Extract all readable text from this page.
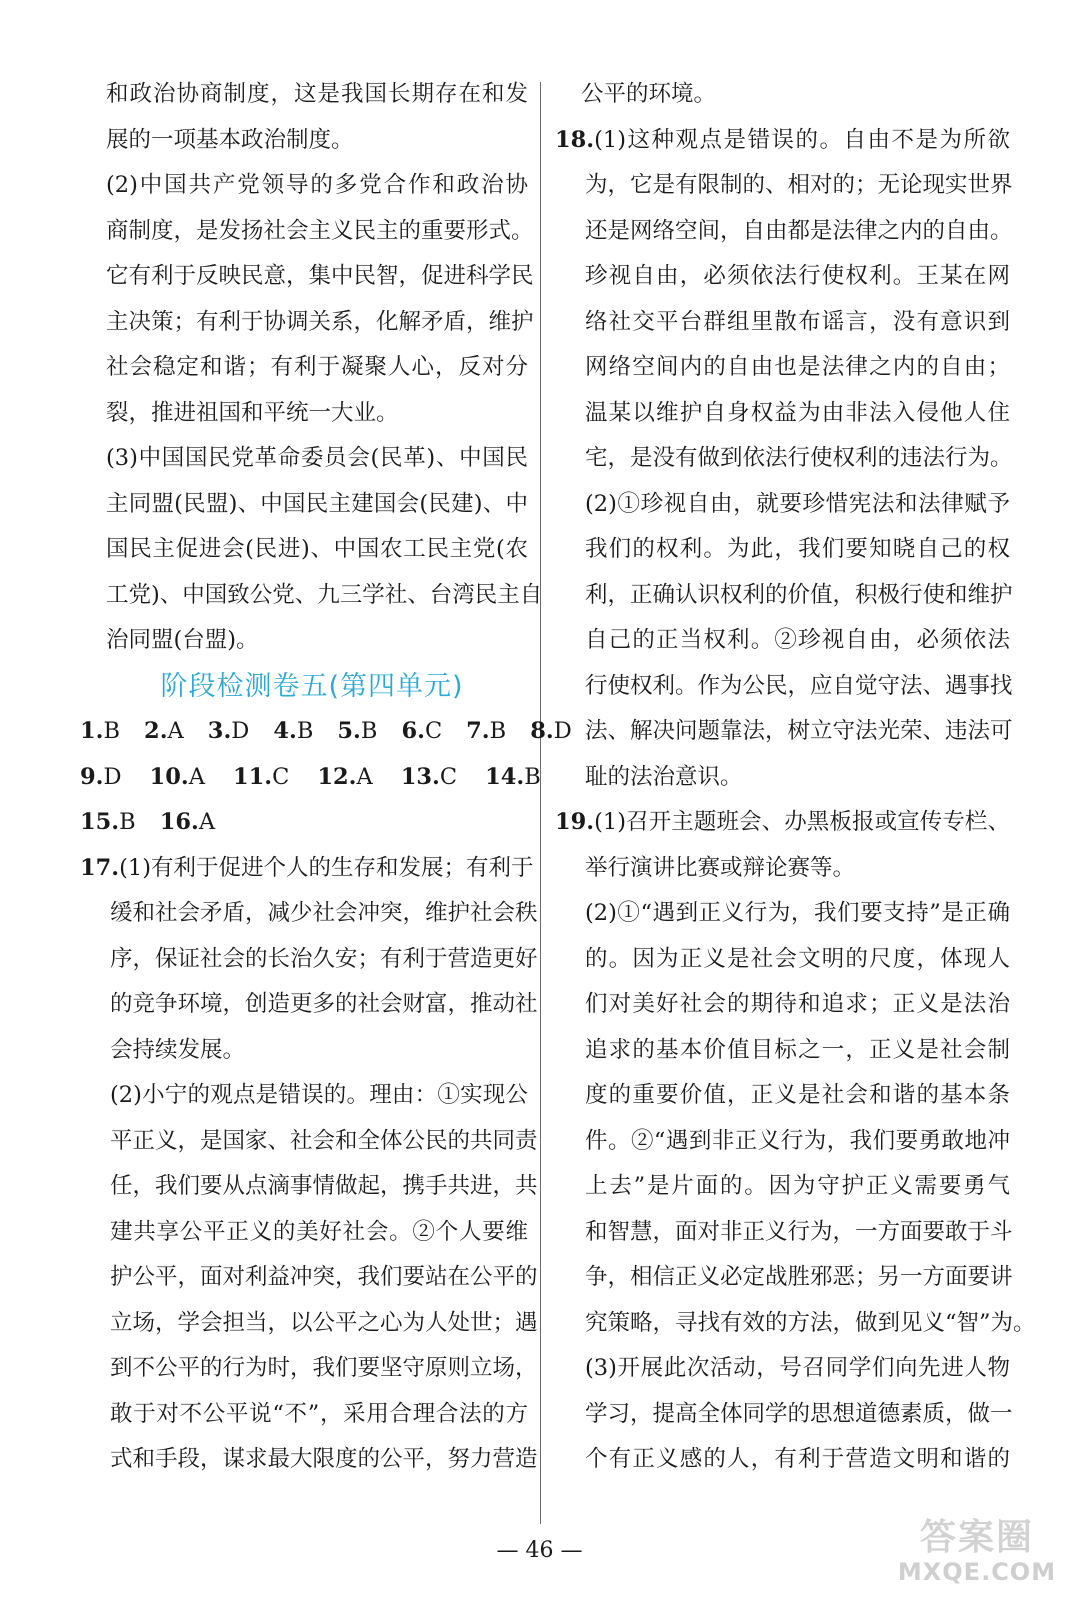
和政治协商制度，这是我国长期存在和发
展的一项基本政治制度。
(2)中国共产党领导的多党合作和政治协
商制度，是发扬社会主义民主的重要形式。
它有利于反映民意，集中民智，促进科学民
主决策；有利于协调关系，化解矛盾，维护
社会稳定和谐；有利于凝聚人心，反对分
裂，推进祖国和平统一大业。
(3)中国国民党革命委员会(民革)、中国民
主同盟(民盟)、中国民主建国会(民建)、中
国民主促进会(民进)、中国农工民主党(农
工党)、中国致公党、九三学社、台湾民主自
治同盟(台盟)。
阶段检测卷五(第四单元)
1.B 2.A 3.D 4.B 5.B 6.C 7.B 8.D
9.D 10.A 11.C 12.A 13.C 14.B
15.B 16.A
17.(1)有利于促进个人的生存和发展；有利于
缓和社会矛盾，减少社会冲突，维护社会秩
序，保证社会的长治久安；有利于营造更好
的竞争环境，创造更多的社会财富，推动社
会持续发展。
(2)小宁的观点是错误的。理由：①实现公
平正义，是国家、社会和全体公民的共同责
任，我们要从点滴事情做起，携手共进，共
建共享公平正义的美好社会。②个人要维
护公平，面对利益冲突，我们要站在公平的
立场，学会担当，以公平之心为人处世；遇
到不公平的行为时，我们要坚守原则立场，
敢于对不公平说“不”，采用合理合法的方
式和手段，谋求最大限度的公平，努力营造
公平的环境。
18.(1)这种观点是错误的。自由不是为所欲
为，它是有限制的、相对的；无论现实世界
还是网络空间，自由都是法律之内的自由。
珍视自由，必须依法行使权利。王某在网
络社交平台群组里散布谣言，没有意识到
网络空间内的自由也是法律之内的自由；
温某以维护自身权益为由非法入侵他人住
宅，是没有做到依法行使权利的违法行为。
(2)①珍视自由，就要珍惜宪法和法律赋予
我们的权利。为此，我们要知晓自己的权
利，正确认识权利的价值，积极行使和维护
自己的正当权利。②珍视自由，必须依法
行使权利。作为公民，应自觉守法、遇事找
法、解决问题靠法，树立守法光荣、违法可
耻的法治意识。
19.(1)召开主题班会、办黑板报或宣传专栏、
举行演讲比赛或辩论赛等。
(2)①“遇到正义行为，我们要支持”是正确
的。因为正义是社会文明的尺度，体现人
们对美好社会的期待和追求；正义是法治
追求的基本价值目标之一，正义是社会制
度的重要价值，正义是社会和谐的基本条
件。②“遇到非正义行为，我们要勇敢地冲
上去”是片面的。因为守护正义需要勇气
和智慧，面对非正义行为，一方面要敢于斗
争，相信正义必定战胜邪恶；另一方面要讲
究策略，寻找有效的方法，做到见义“智”为。
(3)开展此次活动，号召同学们向先进人物
学习，提高全体同学的思想道德素质，做一
个有正义感的人，有利于营造文明和谐的
— 46 —	答案圈
MXQE.COM
